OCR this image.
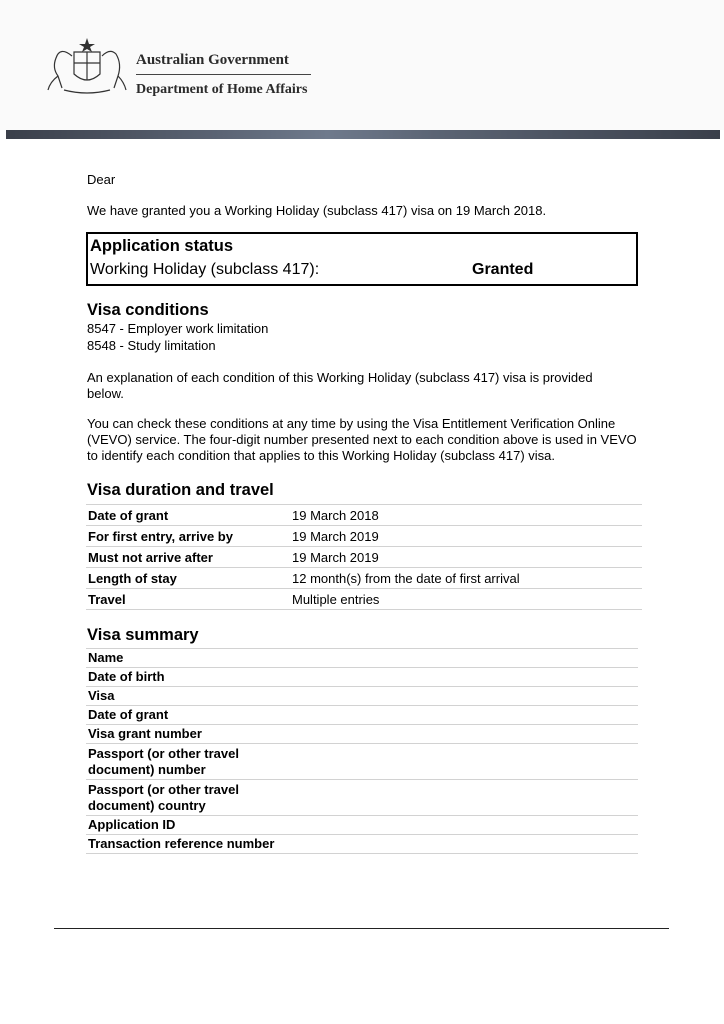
Australian Government
Department of Home Affairs
Dear
We have granted you a Working Holiday (subclass 417) visa on 19 March 2018.
Application status
Working Holiday (subclass 417):	Granted
Visa conditions
8547 - Employer work limitation
8548 - Study limitation
An explanation of each condition of this Working Holiday (subclass 417) visa is provided below.
You can check these conditions at any time by using the Visa Entitlement Verification Online (VEVO) service. The four-digit number presented next to each condition above is used in VEVO to identify each condition that applies to this Working Holiday (subclass 417) visa.
Visa duration and travel
Date of grant	19 March 2018
For first entry, arrive by	19 March 2019
Must not arrive after	19 March 2019
Length of stay	12 month(s) from the date of first arrival
Travel	Multiple entries
Visa summary
Name
Date of birth
Visa
Date of grant
Visa grant number
Passport (or other travel document) number
Passport (or other travel document) country
Application ID
Transaction reference number
